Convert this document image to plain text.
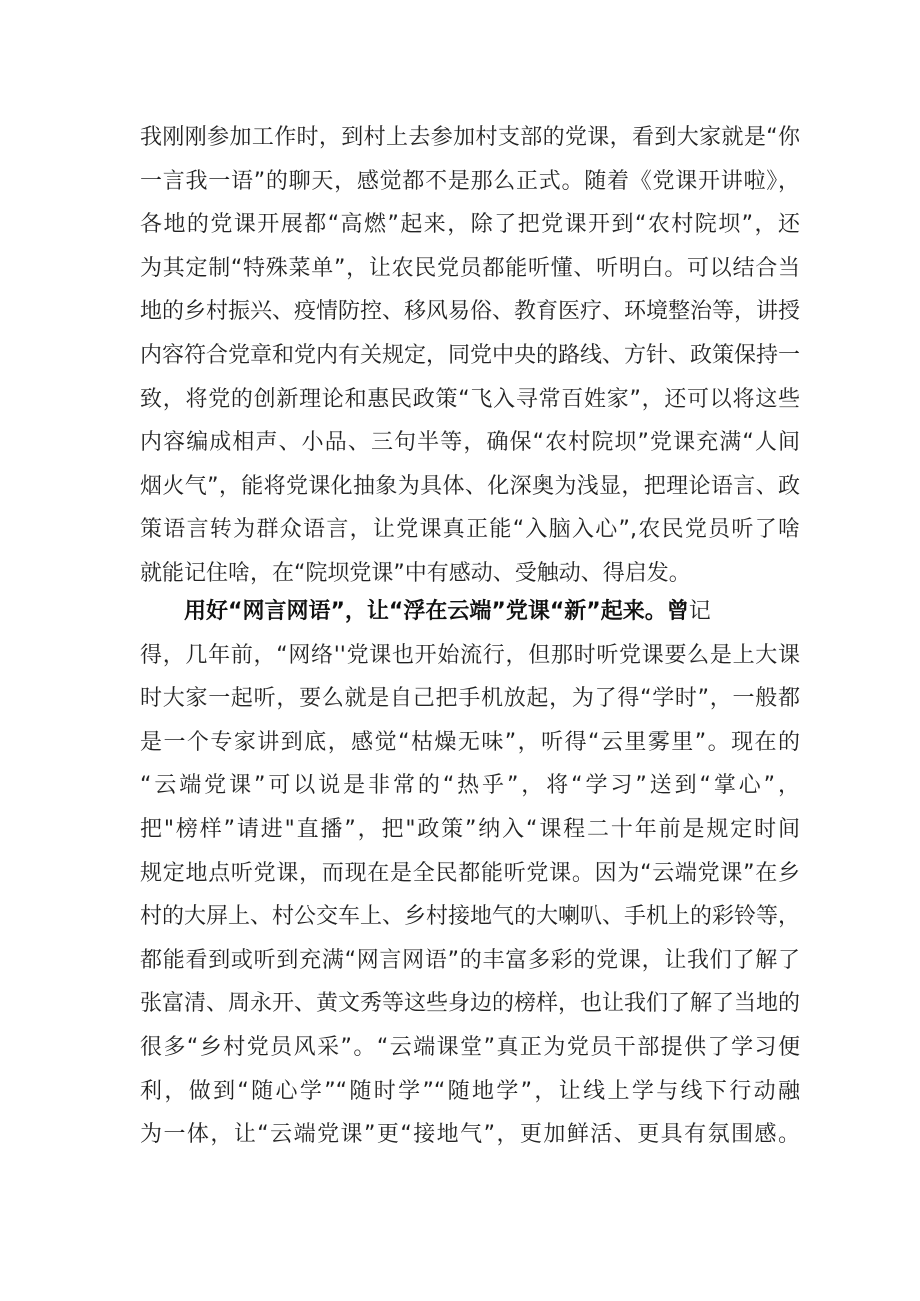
我刚刚参加工作时，到村上去参加村支部的党课，看到大家就是“你
一言我一语”的聊天，感觉都不是那么正式。随着《党课开讲啦》，
各地的党课开展都“高燃”起来，除了把党课开到“农村院坝”，还
为其定制“特殊菜单”，让农民党员都能听懂、听明白。可以结合当
地的乡村振兴、疫情防控、移风易俗、教育医疗、环境整治等，讲授
内容符合党章和党内有关规定，同党中央的路线、方针、政策保持一
致，将党的创新理论和惠民政策“飞入寻常百姓家”，还可以将这些
内容编成相声、小品、三句半等，确保“农村院坝”党课充满“人间
烟火气”，能将党课化抽象为具体、化深奥为浅显，把理论语言、政
策语言转为群众语言，让党课真正能“入脑入心”,农民党员听了啥
就能记住啥，在“院坝党课”中有感动、受触动、得启发。
用好“网言网语”，让“浮在云端”党课“新”起来。曾记
得，几年前，“网络''党课也开始流行，但那时听党课要么是上大课
时大家一起听，要么就是自己把手机放起，为了得“学时”，一般都
是一个专家讲到底，感觉“枯燥无味”，听得“云里雾里”。现在的
“云端党课”可以说是非常的“热乎”，将“学习”送到“掌心”，
把"榜样”请进"直播”，把"政策”纳入“课程二十年前是规定时间
规定地点听党课，而现在是全民都能听党课。因为“云端党课”在乡
村的大屏上、村公交车上、乡村接地气的大喇叭、手机上的彩铃等，
都能看到或听到充满“网言网语”的丰富多彩的党课，让我们了解了
张富清、周永开、黄文秀等这些身边的榜样，也让我们了解了当地的
很多“乡村党员风采”。“云端课堂”真正为党员干部提供了学习便
利，做到“随心学”“随时学”“随地学”，让线上学与线下行动融
为一体，让“云端党课”更“接地气”，更加鲜活、更具有氛围感。
